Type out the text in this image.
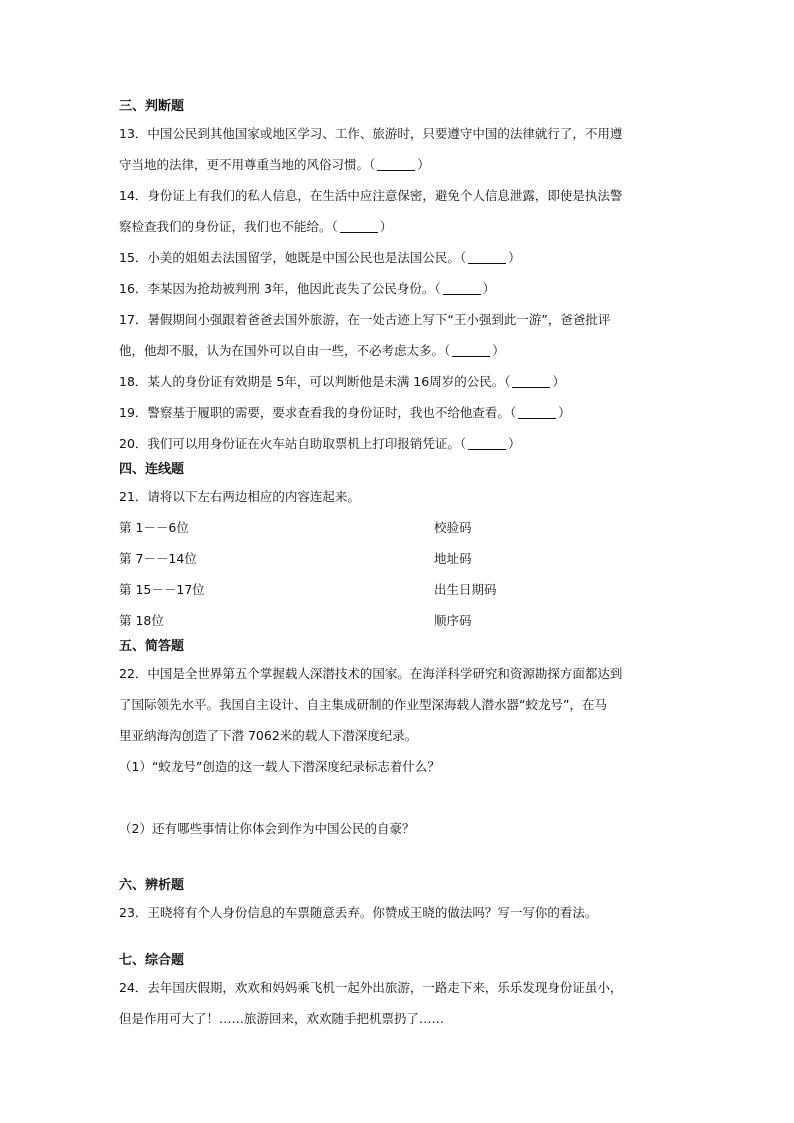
三、判断题

13．中国公民到其他国家或地区学习、工作、旅游时，只要遵守中国的法律就行了，不用遵

守当地的法律，更不用尊重当地的风俗习惯。（	）

14．身份证上有我们的私人信息，在生活中应注意保密，避免个人信息泄露，即使是执法警

察检查我们的身份证，我们也不能给。（	）

15．小美的姐姐去法国留学，她既是中国公民也是法国公民。（	）

16．李某因为抢劫被判刑 3年，他因此丧失了公民身份。（	）

17．暑假期间小强跟着爸爸去国外旅游，在一处古迹上写下“王小强到此一游”，爸爸批评

他，他却不服，认为在国外可以自由一些，不必考虑太多。（	）

18．某人的身份证有效期是 5年，可以判断他是未满 16周岁的公民。（	）

19．警察基于履职的需要，要求查看我的身份证时，我也不给他查看。（	）

20．我们可以用身份证在火车站自助取票机上打印报销凭证。（	）

四、连线题

21．请将以下左右两边相应的内容连起来。

第 1－－6位	校验码
第 7－－14位	地址码
第 15－－17位	出生日期码
第 18位	顺序码

五、简答题

22．中国是全世界第五个掌握载人深潜技术的国家。在海洋科学研究和资源勘探方面都达到

了国际领先水平。我国自主设计、自主集成研制的作业型深海载人潜水器“蛟龙号”，在马

里亚纳海沟创造了下潜 7062米的载人下潜深度纪录。

（1）“蛟龙号”创造的这一载人下潜深度纪录标志着什么？

（2）还有哪些事情让你体会到作为中国公民的自豪？

六、辨析题

23．王晓将有个人身份信息的车票随意丢弃。你赞成王晓的做法吗？写一写你的看法。

七、综合题

24．去年国庆假期，欢欢和妈妈乘飞机一起外出旅游，一路走下来，乐乐发现身份证虽小，

但是作用可大了！……旅游回来，欢欢随手把机票扔了……
